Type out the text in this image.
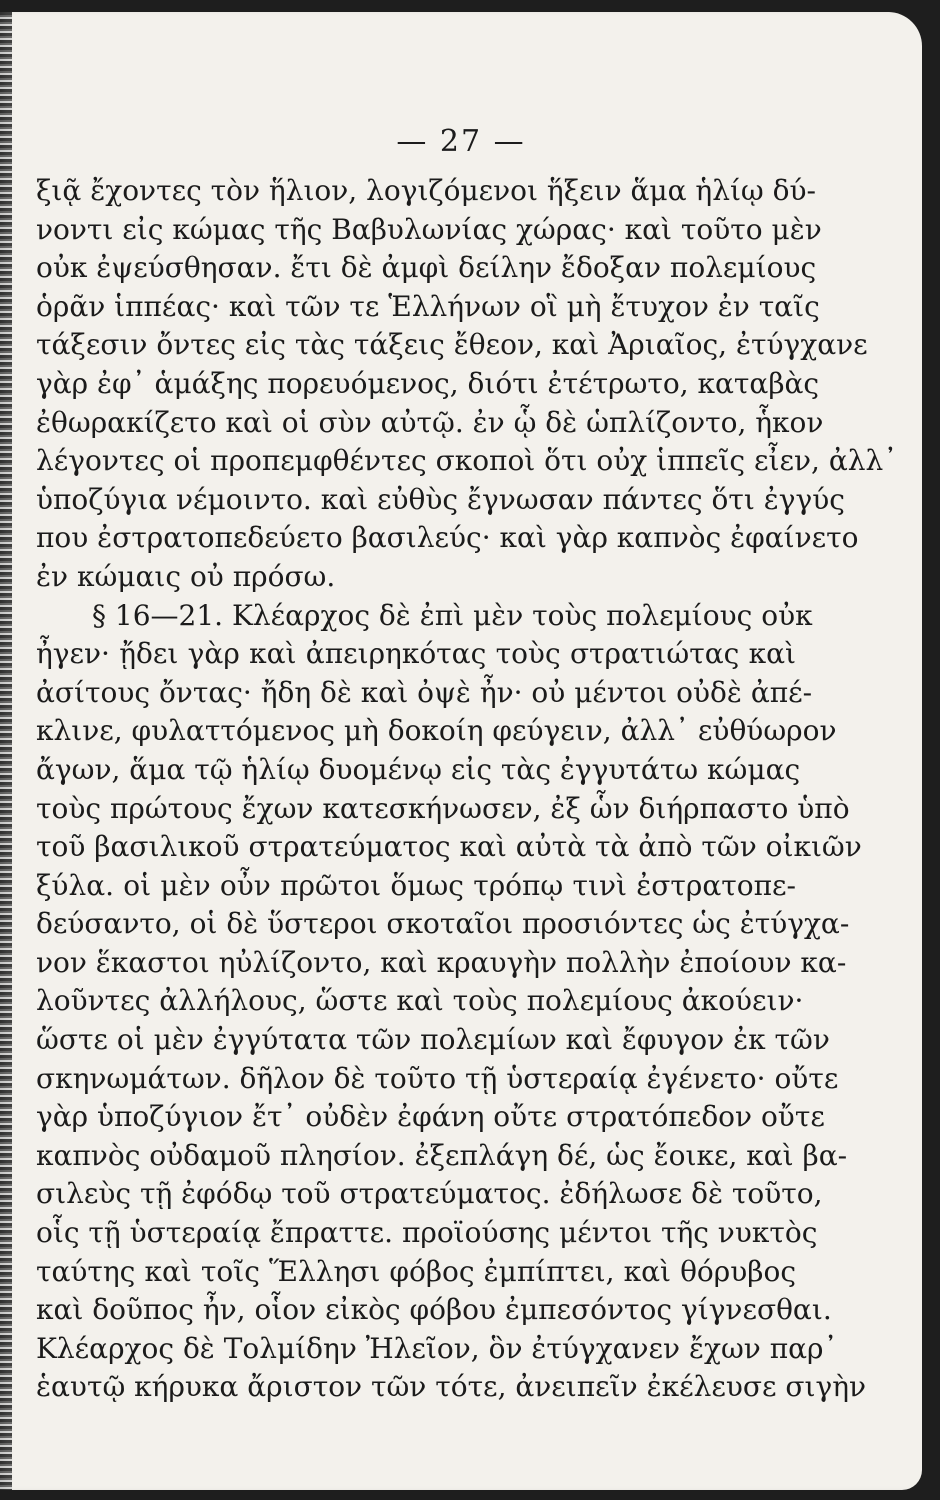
— 27 —
ξιᾷ ἔχοντες τὸν ἥλιον, λογιζόμενοι ἥξειν ἅμα ἡλίῳ δύ-
νοντι εἰς κώμας τῆς Βαβυλωνίας χώρας· καὶ τοῦτο μὲν
οὐκ ἐψεύσθησαν. ἔτι δὲ ἀμφὶ δείλην ἔδοξαν πολεμίους
ὁρᾶν ἱππέας· καὶ τῶν τε Ἑλλήνων οἳ μὴ ἔτυχον ἐν ταῖς
τάξεσιν ὄντες εἰς τὰς τάξεις ἔθεον, καὶ Ἀριαῖος, ἐτύγχανε
γὰρ ἐφ᾽ ἁμάξης πορευόμενος, διότι ἐτέτρωτο, καταβὰς
ἐθωρακίζετο καὶ οἱ σὺν αὐτῷ. ἐν ᾧ δὲ ὡπλίζοντο, ἧκον
λέγοντες οἱ προπεμφθέντες σκοποὶ ὅτι οὐχ ἱππεῖς εἶεν, ἀλλ᾽
ὑποζύγια νέμοιντο. καὶ εὐθὺς ἔγνωσαν πάντες ὅτι ἐγγύς
που ἐστρατοπεδεύετο βασιλεύς· καὶ γὰρ καπνὸς ἐφαίνετο
ἐν κώμαις οὐ πρόσω.
§ 16—21. Κλέαρχος δὲ ἐπὶ μὲν τοὺς πολεμίους οὐκ
ἦγεν· ᾔδει γὰρ καὶ ἀπειρηκότας τοὺς στρατιώτας καὶ
ἀσίτους ὄντας· ἤδη δὲ καὶ ὀψὲ ἦν· οὐ μέντοι οὐδὲ ἀπέ-
κλινε, φυλαττόμενος μὴ δοκοίη φεύγειν, ἀλλ᾽ εὐθύωρον
ἄγων, ἅμα τῷ ἡλίῳ δυομένῳ εἰς τὰς ἐγγυτάτω κώμας
τοὺς πρώτους ἔχων κατεσκήνωσεν, ἐξ ὧν διήρπαστο ὑπὸ
τοῦ βασιλικοῦ στρατεύματος καὶ αὐτὰ τὰ ἀπὸ τῶν οἰκιῶν
ξύλα. οἱ μὲν οὖν πρῶτοι ὅμως τρόπῳ τινὶ ἐστρατοπε-
δεύσαντο, οἱ δὲ ὕστεροι σκοταῖοι προσιόντες ὡς ἐτύγχα-
νον ἕκαστοι ηὐλίζοντο, καὶ κραυγὴν πολλὴν ἐποίουν κα-
λοῦντες ἀλλήλους, ὥστε καὶ τοὺς πολεμίους ἀκούειν·
ὥστε οἱ μὲν ἐγγύτατα τῶν πολεμίων καὶ ἔφυγον ἐκ τῶν
σκηνωμάτων. δῆλον δὲ τοῦτο τῇ ὑστεραίᾳ ἐγένετο· οὔτε
γὰρ ὑποζύγιον ἔτ᾽ οὐδὲν ἐφάνη οὔτε στρατόπεδον οὔτε
καπνὸς οὐδαμοῦ πλησίον. ἐξεπλάγη δέ, ὡς ἔοικε, καὶ βα-
σιλεὺς τῇ ἐφόδῳ τοῦ στρατεύματος. ἐδήλωσε δὲ τοῦτο,
οἷς τῇ ὑστεραίᾳ ἔπραττε. προϊούσης μέντοι τῆς νυκτὸς
ταύτης καὶ τοῖς Ἕλλησι φόβος ἐμπίπτει, καὶ θόρυβος
καὶ δοῦπος ἦν, οἷον εἰκὸς φόβου ἐμπεσόντος γίγνεσθαι.
Κλέαρχος δὲ Τολμίδην Ἠλεῖον, ὃν ἐτύγχανεν ἔχων παρ᾽
ἑαυτῷ κήρυκα ἄριστον τῶν τότε, ἀνειπεῖν ἐκέλευσε σιγὴν
